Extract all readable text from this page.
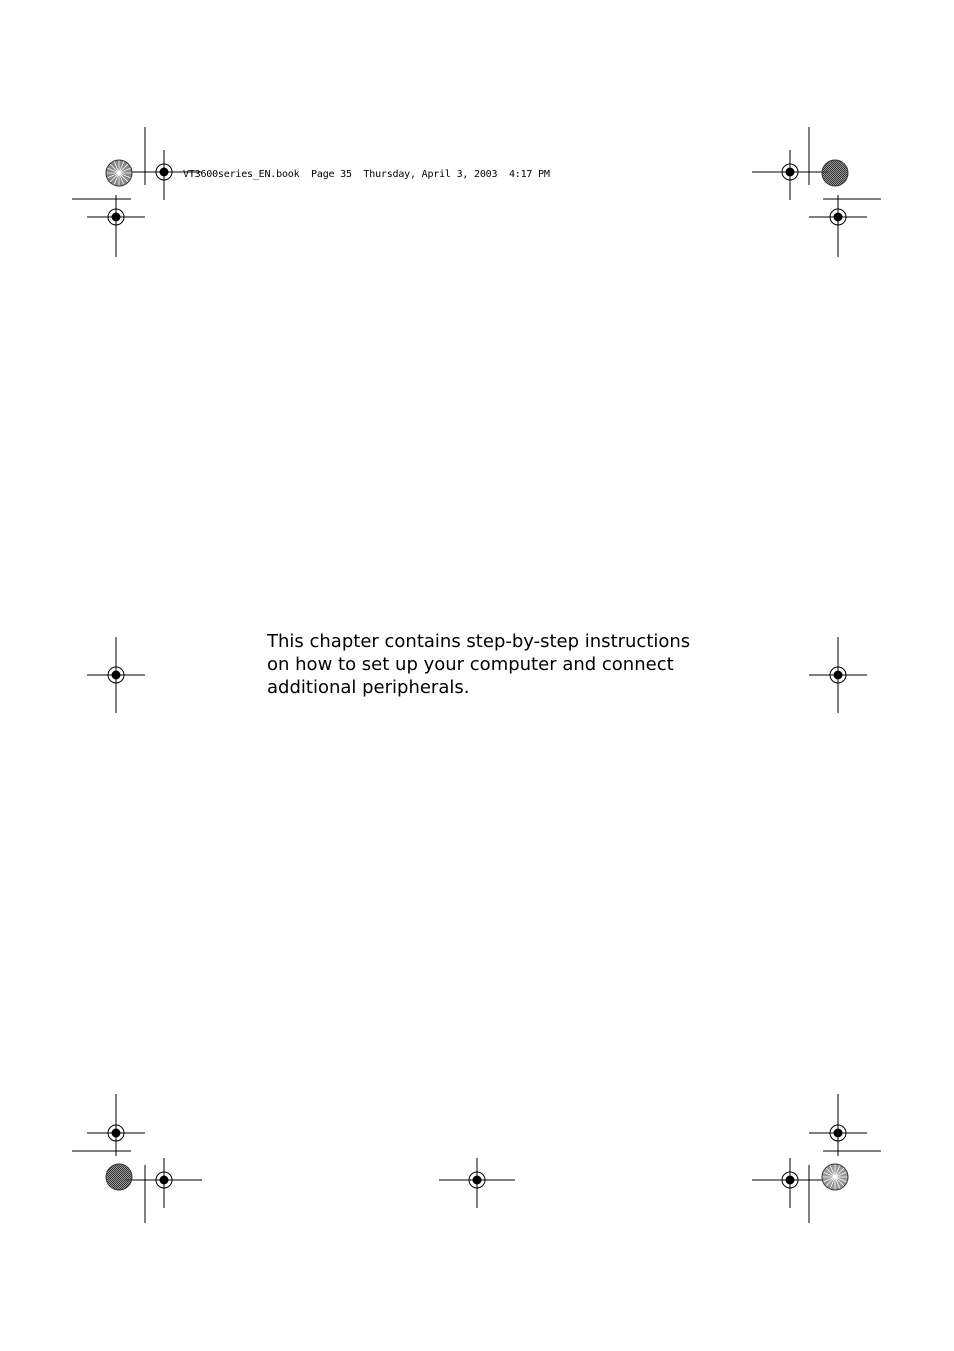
VT3600series_EN.book  Page 35  Thursday, April 3, 2003  4:17 PM
This chapter contains step-by-step instructions
on how to set up your computer and connect
additional peripherals.
